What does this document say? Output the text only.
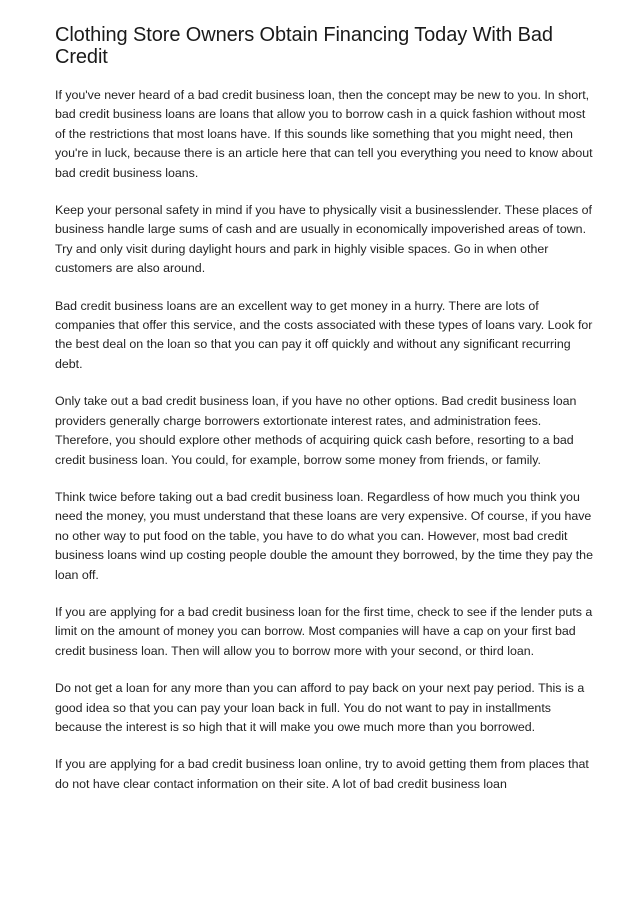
Clothing Store Owners Obtain Financing Today With Bad Credit

If you've never heard of a bad credit business loan, then the concept may be new to you. In short, bad credit business loans are loans that allow you to borrow cash in a quick fashion without most of the restrictions that most loans have. If this sounds like something that you might need, then you're in luck, because there is an article here that can tell you everything you need to know about bad credit business loans.

Keep your personal safety in mind if you have to physically visit a businesslender. These places of business handle large sums of cash and are usually in economically impoverished areas of town. Try and only visit during daylight hours and park in highly visible spaces. Go in when other customers are also around.

Bad credit business loans are an excellent way to get money in a hurry. There are lots of companies that offer this service, and the costs associated with these types of loans vary. Look for the best deal on the loan so that you can pay it off quickly and without any significant recurring debt.

Only take out a bad credit business loan, if you have no other options. Bad credit business loan providers generally charge borrowers extortionate interest rates, and administration fees. Therefore, you should explore other methods of acquiring quick cash before, resorting to a bad credit business loan. You could, for example, borrow some money from friends, or family.

Think twice before taking out a bad credit business loan. Regardless of how much you think you need the money, you must understand that these loans are very expensive. Of course, if you have no other way to put food on the table, you have to do what you can. However, most bad credit business loans wind up costing people double the amount they borrowed, by the time they pay the loan off.

If you are applying for a bad credit business loan for the first time, check to see if the lender puts a limit on the amount of money you can borrow. Most companies will have a cap on your first bad credit business loan. Then will allow you to borrow more with your second, or third loan.

Do not get a loan for any more than you can afford to pay back on your next pay period. This is a good idea so that you can pay your loan back in full. You do not want to pay in installments because the interest is so high that it will make you owe much more than you borrowed.

If you are applying for a bad credit business loan online, try to avoid getting them from places that do not have clear contact information on their site. A lot of bad credit business loan
